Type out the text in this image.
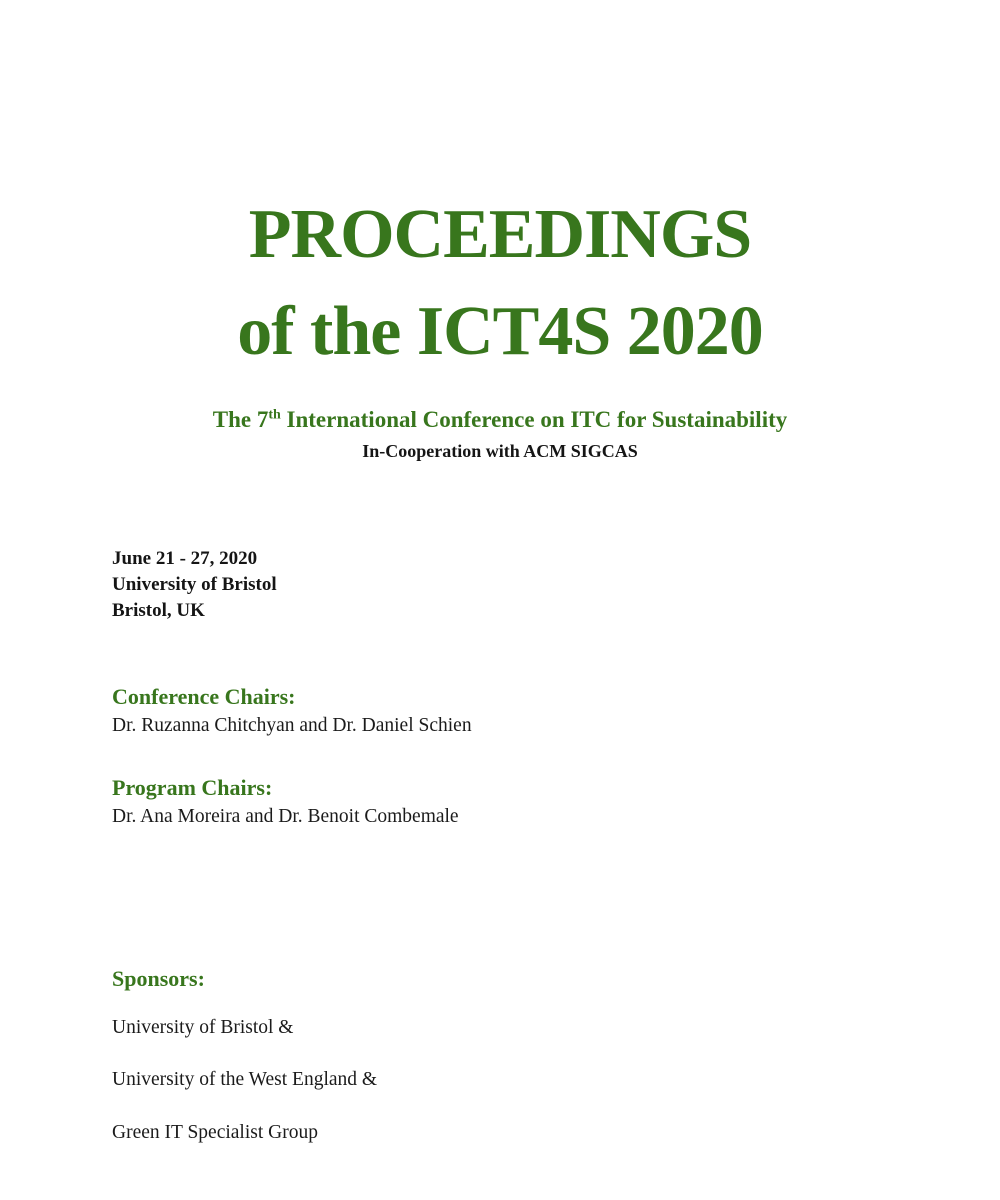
PROCEEDINGS
of the ICT4S 2020
The 7th International Conference on ITC for Sustainability
In-Cooperation with ACM SIGCAS
June 21 - 27, 2020
University of Bristol
Bristol, UK
Conference Chairs:
Dr. Ruzanna Chitchyan and Dr. Daniel Schien
Program Chairs:
Dr. Ana Moreira and Dr. Benoit Combemale
Sponsors:
University of Bristol &
University of the West England &
Green IT Specialist Group
